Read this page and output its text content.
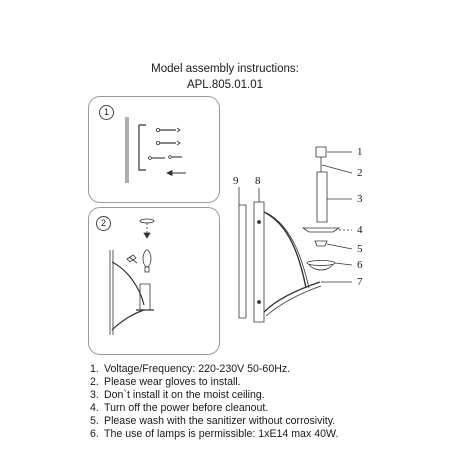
Model assembly instructions:
APL.805.01.01
1
2
1
2
3
4
5
6
7
8
9
1. Voltage/Frequency: 220-230V 50-60Hz.
2. Please wear gloves to install.
3. Don`t install it on the moist ceiling.
4. Turn off the power before cleanout.
5. Please wash with the sanitizer without corrosivity.
6. The use of lamps is permissible: 1xE14 max 40W.
